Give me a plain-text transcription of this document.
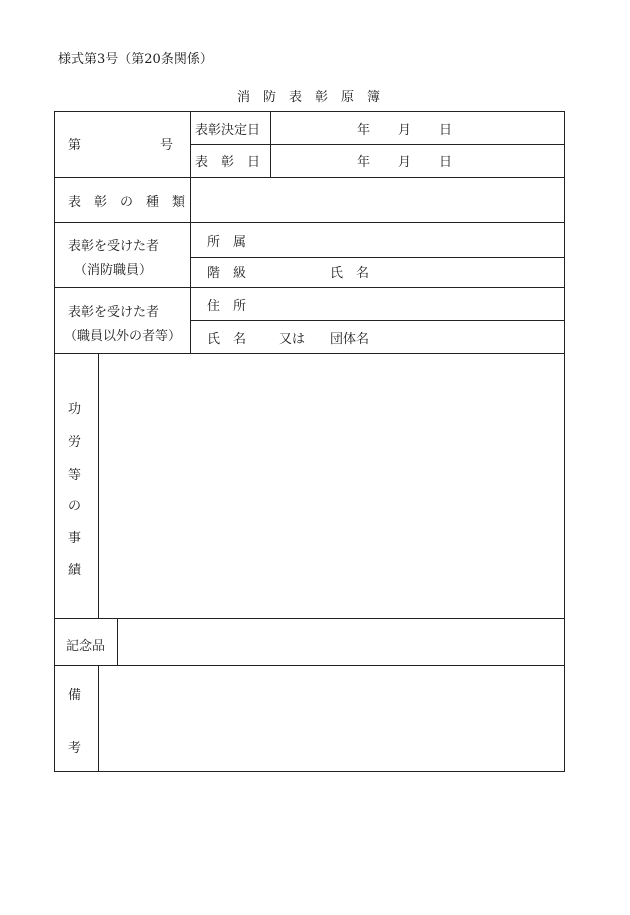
様式第3号（第20条関係）
消　防　表　彰　原　簿
第	号
表彰決定日	年 月 日
表　彰　日	年 月 日
表　彰　の　種　類
表彰を受けた者
（消防職員）
所　属
階　級	氏　名
表彰を受けた者
（職員以外の者等）
住　所
氏　名	又は 団体名
功
労
等
の
事
績
記念品
備
考
